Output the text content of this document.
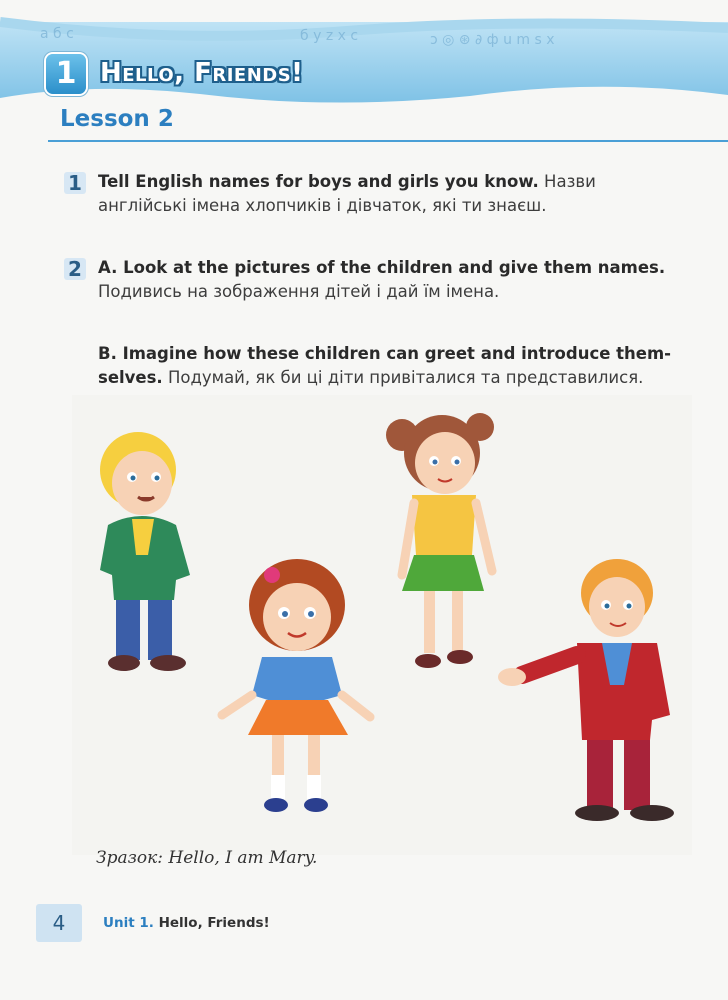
a б c	б у z x c	ɔ ◎ ⊛ ∂ ф u m s x
1 Hello, Friends!
Lesson 2
1 Tell English names for boys and girls you know. Назви
англійські імена хлопчиків і дівчаток, які ти знаєш.
2 A. Look at the pictures of the children and give them names.
Подивись на зображення дітей і дай їм імена.
B. Imagine how these children can greet and introduce them-
selves. Подумай, як би ці діти привіталися та представилися.
Зразок: Hello, I am Mary.
4	Unit 1. Hello, Friends!
